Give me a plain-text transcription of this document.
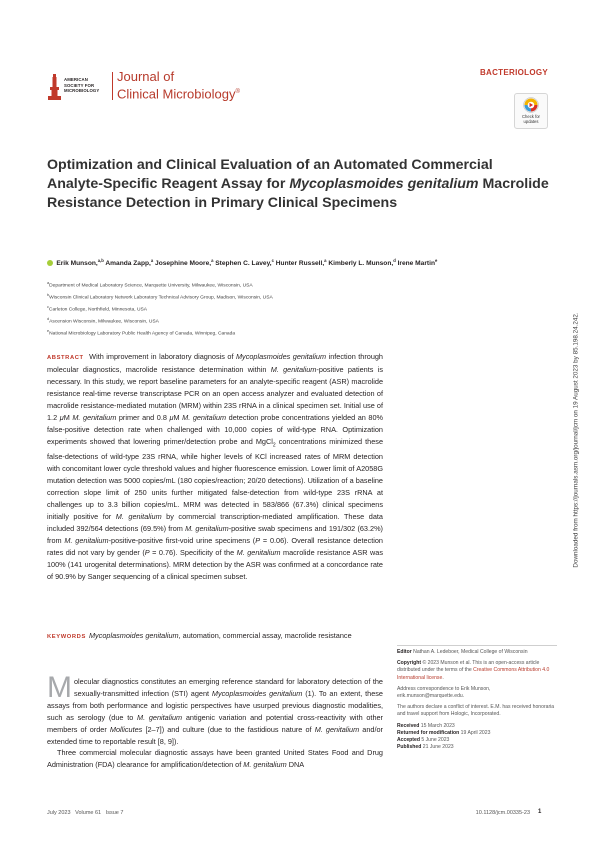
AMERICAN
SOCIETY FOR
MICROBIOLOGY
Journal of
Clinical Microbiology®
BACTERIOLOGY
Check for
updates
Optimization and Clinical Evaluation of an Automated Commercial Analyte-Specific Reagent Assay for Mycoplasmoides genitalium Macrolide Resistance Detection in Primary Clinical Specimens
Erik Munson,$^{a,b}$ Amanda Zapp,$^a$ Josephine Moore,$^a$ Stephen C. Lavey,$^c$ Hunter Russell,$^a$ Kimberly L. Munson,$^d$ Irene Martin$^e$
$^a$Department of Medical Laboratory Science, Marquette University, Milwaukee, Wisconsin, USA
$^b$Wisconsin Clinical Laboratory Network Laboratory Technical Advisory Group, Madison, Wisconsin, USA
$^c$Carleton College, Northfield, Minnesota, USA
$^d$Ascension Wisconsin, Milwaukee, Wisconsin, USA
$^e$National Microbiology Laboratory Public Health Agency of Canada, Winnipeg, Canada
ABSTRACT With improvement in laboratory diagnosis of Mycoplasmoides genitalium infection through molecular diagnostics, macrolide resistance determination within M. genitalium-positive patients is necessary. In this study, we report baseline parameters for an analyte-specific reagent (ASR) macrolide resistance real-time reverse transcriptase PCR on an open access analyzer and evaluated detection of macrolide resistance-mediated mutation (MRM) within 23S rRNA in a clinical specimen set. Initial use of 1.2 μM M. genitalium primer and 0.8 μM M. genitalium detection probe concentrations yielded an 80% false-positive detection rate when challenged with 10,000 copies of wild-type RNA. Optimization experiments showed that lowering primer/detection probe and MgCl$_2$ concentrations minimized these false-detections of wild-type 23S rRNA, while higher levels of KCl increased rates of MRM detection with concomitant lower cycle threshold values and higher fluorescence emission. Lower limit of A2058G mutation detection was 5000 copies/mL (180 copies/reaction; 20/20 detections). Utilization of a baseline correction slope limit of 250 units further mitigated false-detection from wild-type 23S rRNA at challenges up to 3.3 billion copies/mL. MRM was detected in 583/866 (67.3%) clinical specimens initially positive for M. genitalium by commercial transcription-mediated amplification. These data included 392/564 detections (69.5%) from M. genitalium-positive swab specimens and 191/302 (63.2%) from M. genitalium-positive-positive first-void urine specimens (P = 0.06). Overall resistance detection rates did not vary by gender (P = 0.76). Specificity of the M. genitalium macrolide resistance ASR was 100% (141 urogenital determinations). MRM detection by the ASR was confirmed at a concordance rate of 90.9% by Sanger sequencing of a clinical specimen subset.
KEYWORDS Mycoplasmoides genitalium, automation, commercial assay, macrolide resistance

Molecular diagnostics constitutes an emerging reference standard for laboratory detection of the sexually-transmitted infection (STI) agent Mycoplasmoides genitalium (1). To an extent, these assays from both performance and logistic perspectives have usurped previous diagnostic modalities, such as serology (due to M. genitalium antigenic variation and potential cross-reactivity with other members of order Mollicutes [2–7]) and culture (due to the fastidious nature of M. genitalium and/or extended time to reportable result [8, 9]).

Three commercial molecular diagnostic assays have been granted United States Food and Drug Administration (FDA) clearance for amplification/detection of M. genitalium DNA

Editor Nathan A. Ledeboer, Medical College of Wisconsin
Copyright © 2023 Munson et al. This is an open-access article distributed under the terms of the Creative Commons Attribution 4.0 International license.
Address correspondence to Erik Munson, erik.munson@marquette.edu.
The authors declare a conflict of interest. E.M. has received honoraria and travel support from Hologic, Incorporated.
Received 15 March 2023
Returned for modification 19 April 2023
Accepted 5 June 2023
Published 21 June 2023
July 2023   Volume 61   Issue 7	10.1128/jcm.00335-23 1
Downloaded from https://journals.asm.org/journal/jcm on 19 August 2023 by 85.198.24.242.
